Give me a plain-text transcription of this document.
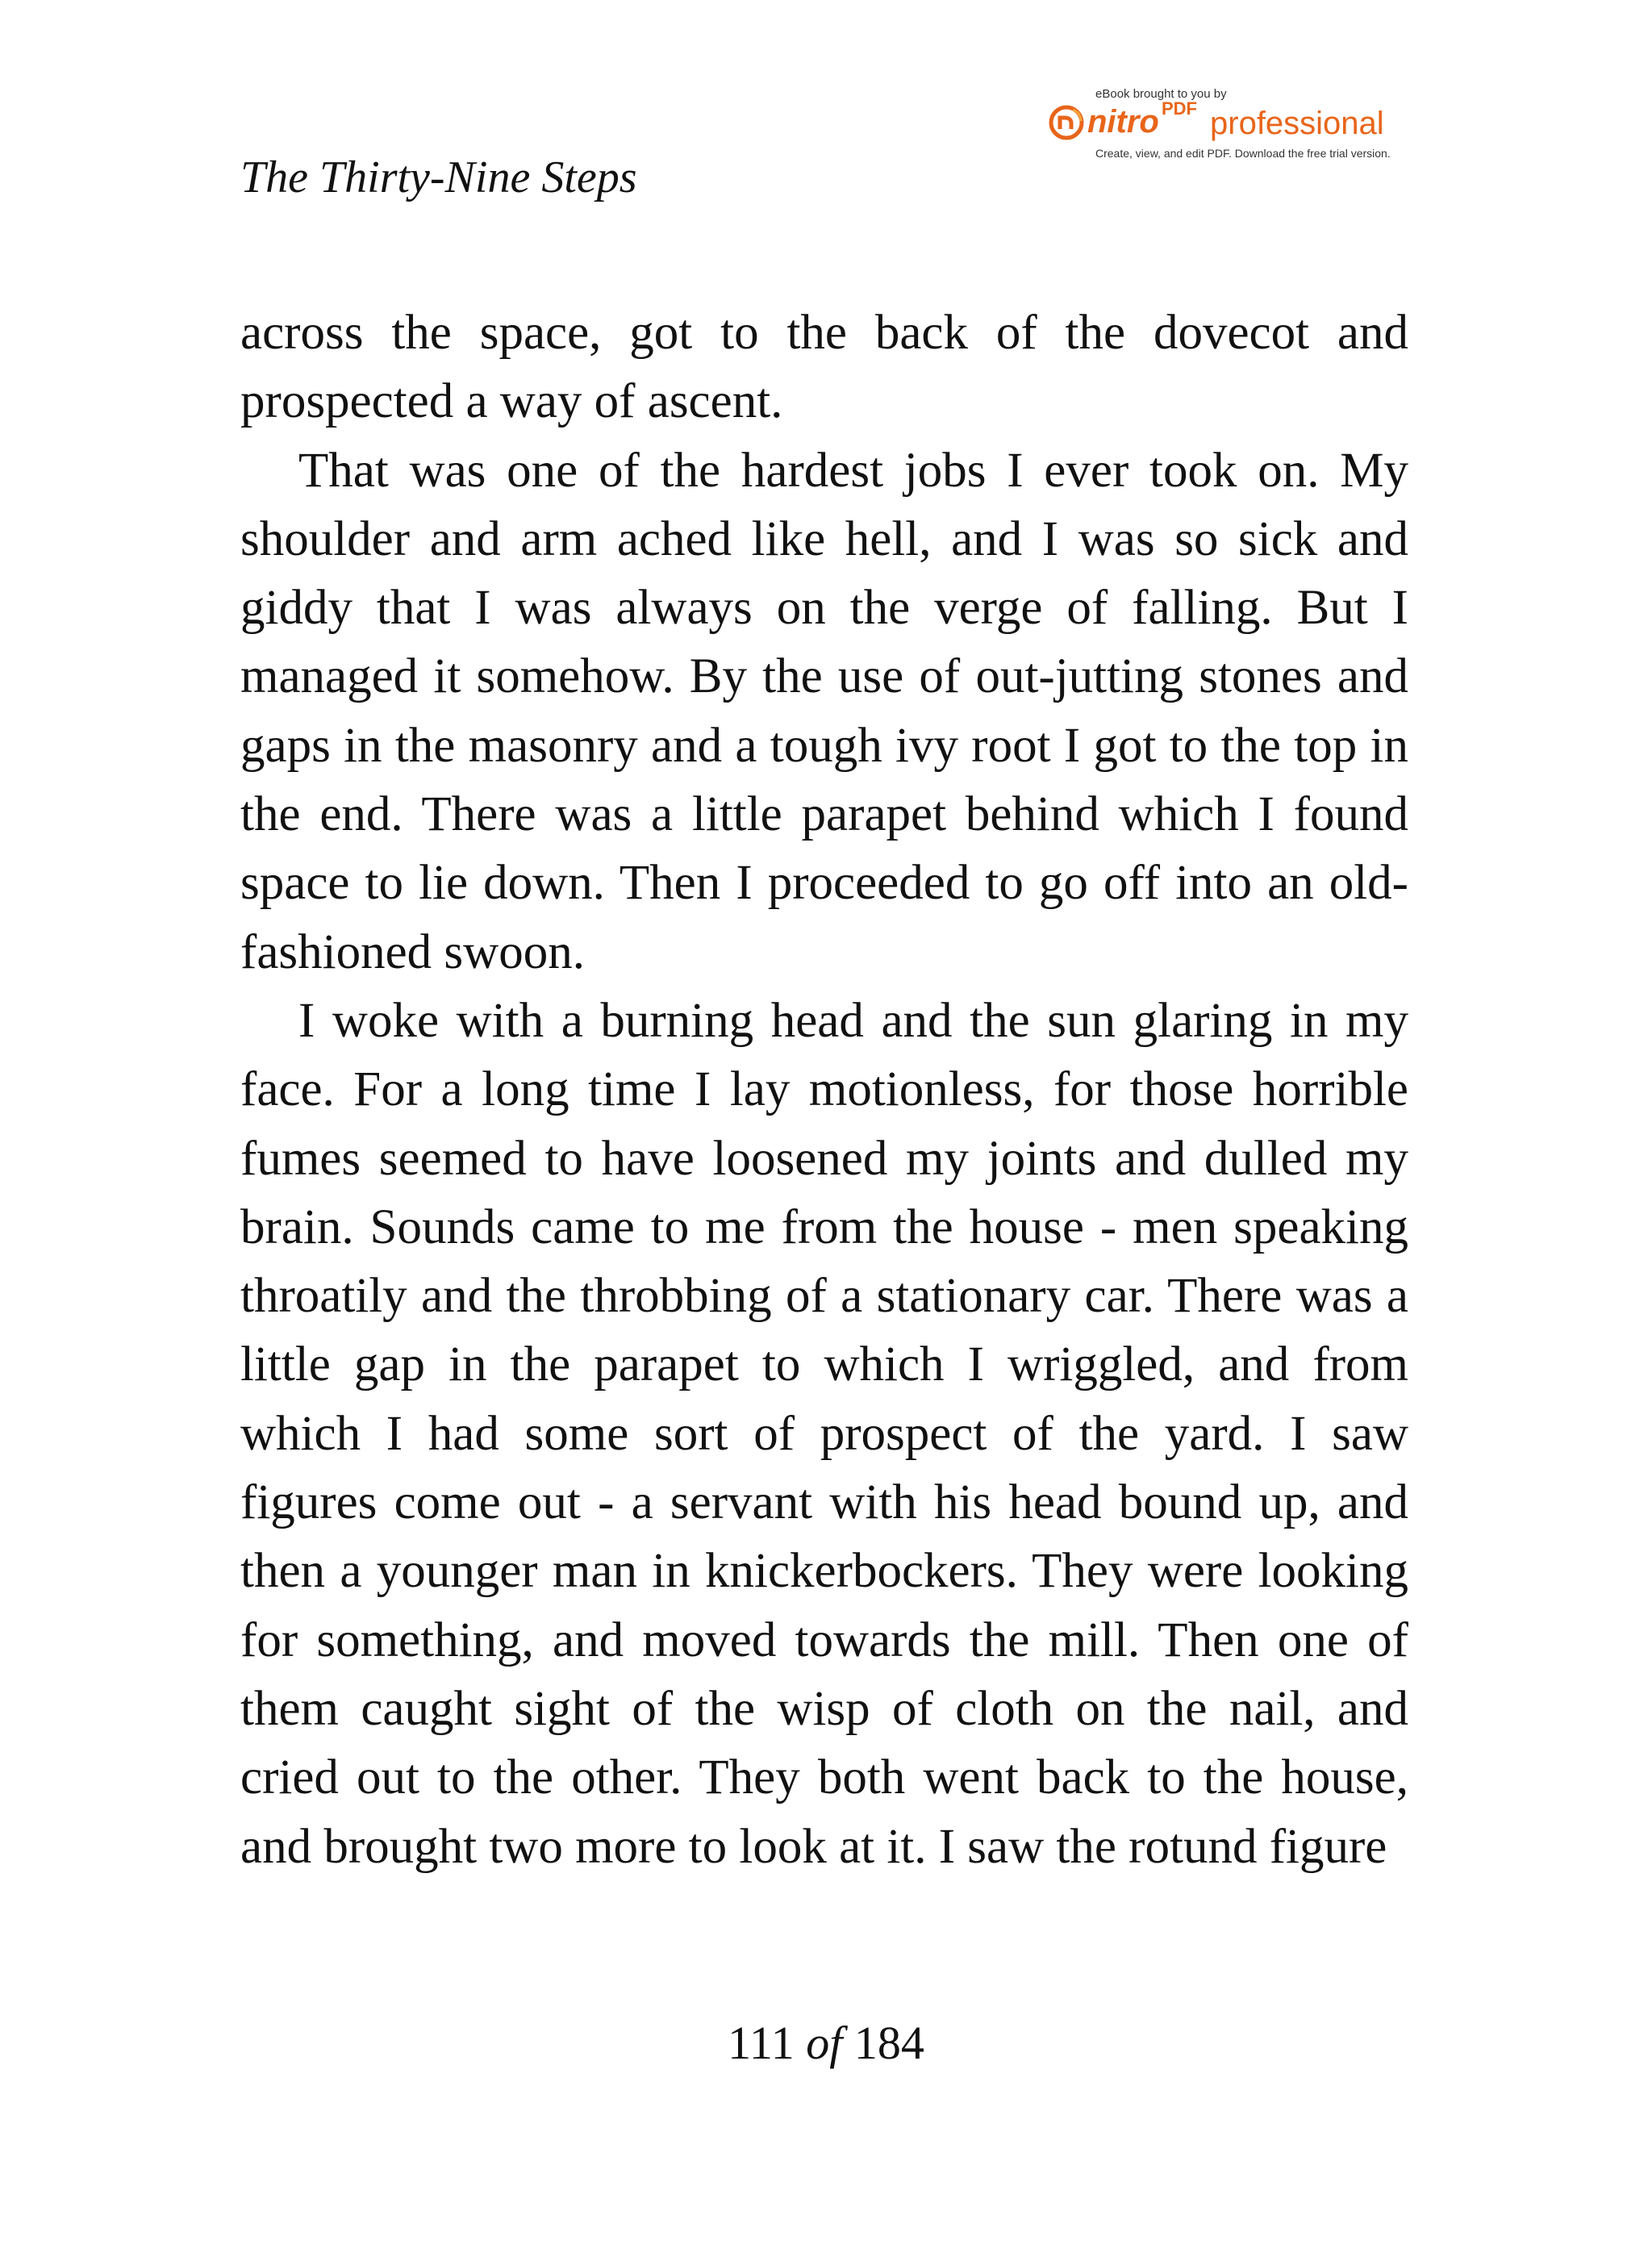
The Thirty-Nine Steps
eBook brought to you by
nitro PDF professional
Create, view, and edit PDF. Download the free trial version.

across the space, got to the back of the dovecot and prospected a way of ascent.

That was one of the hardest jobs I ever took on. My shoulder and arm ached like hell, and I was so sick and giddy that I was always on the verge of falling. But I managed it somehow. By the use of out-jutting stones and gaps in the masonry and a tough ivy root I got to the top in the end. There was a little parapet behind which I found space to lie down. Then I proceeded to go off into an old-fashioned swoon.

I woke with a burning head and the sun glaring in my face. For a long time I lay motionless, for those horrible fumes seemed to have loosened my joints and dulled my brain. Sounds came to me from the house - men speaking throatily and the throbbing of a stationary car. There was a little gap in the parapet to which I wriggled, and from which I had some sort of prospect of the yard. I saw figures come out - a servant with his head bound up, and then a younger man in knickerbockers. They were looking for something, and moved towards the mill. Then one of them caught sight of the wisp of cloth on the nail, and cried out to the other. They both went back to the house, and brought two more to look at it. I saw the rotund figure

111 of 184
